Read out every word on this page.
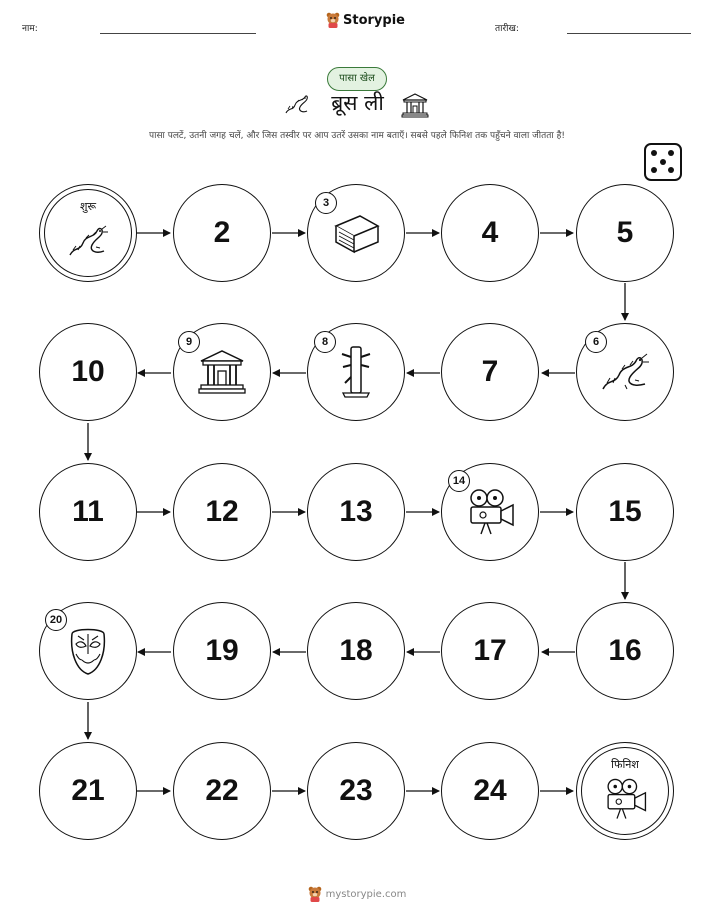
नाम:
Storypie
तारीख:
पासा खेल
ब्रूस ली
पासा पलटें, उतनी जगह चलें, और जिस तस्वीर पर आप उतरें उसका नाम बताएँ। सबसे पहले फिनिश तक पहुँचने वाला जीतता है!
शुरू
2
3
4	5
10
9	8
7
6
11	12	13
14
15
20
19	18	17	16
21	22	23	24
फिनिश
mystorypie.com
